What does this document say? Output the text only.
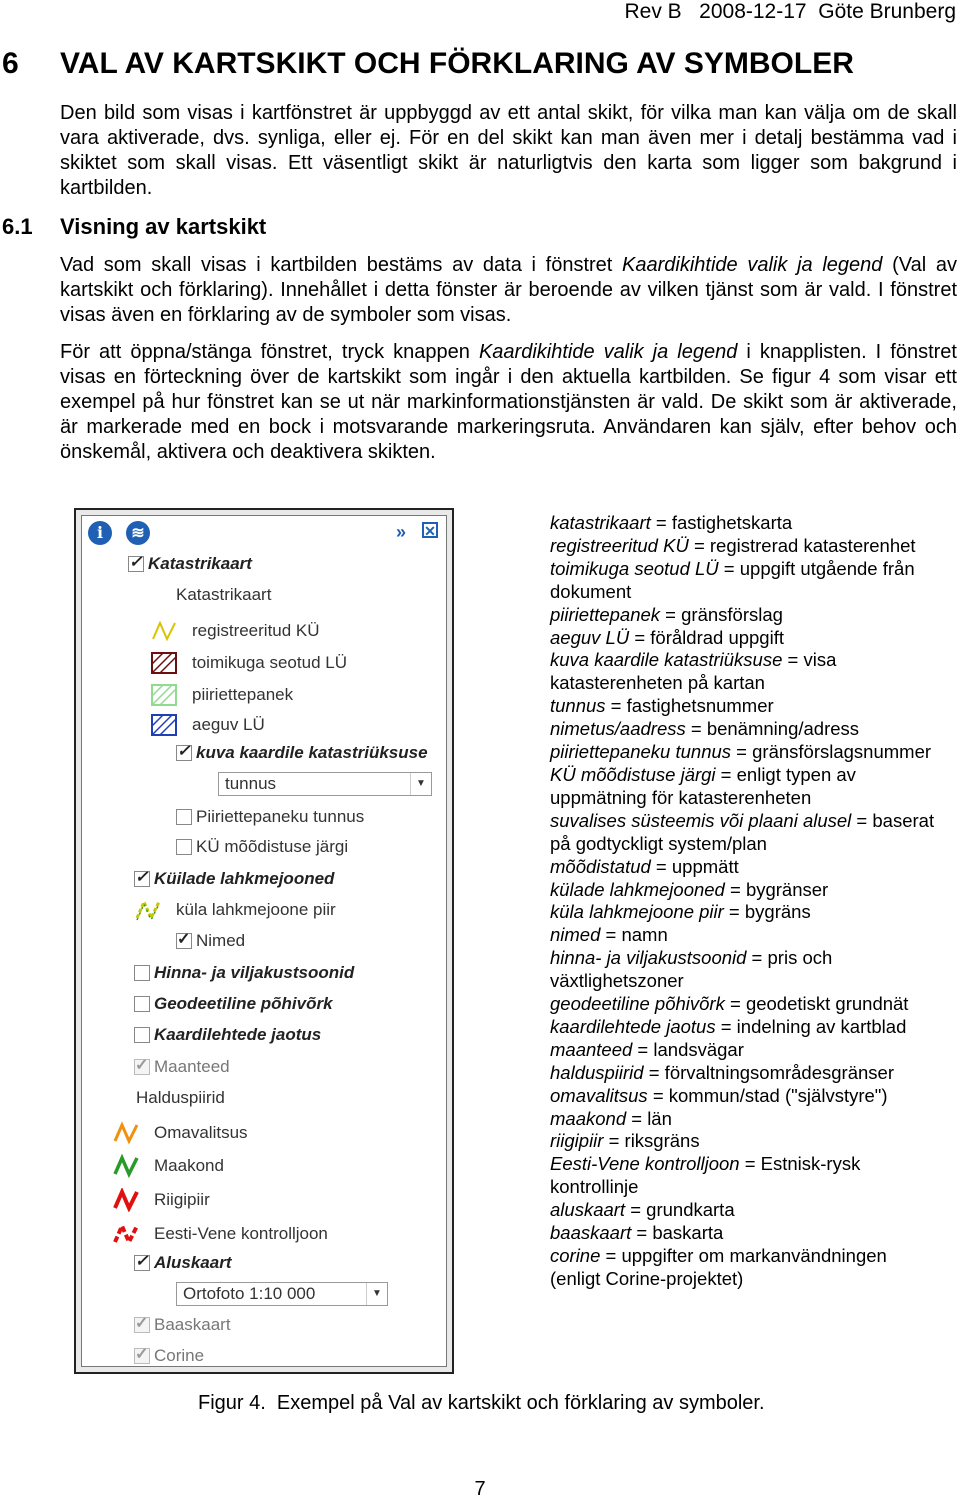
Rev B   2008-12-17  Göte Brunberg
6 VAL AV KARTSKIKT OCH FÖRKLARING AV SYMBOLER

Den bild som visas i kartfönstret är uppbyggd av ett antal skikt, för vilka man kan välja om de skall vara aktiverade, dvs. synliga, eller ej. För en del skikt kan man även mer i detalj bestämma vad i skiktet som skall visas. Ett väsentligt skikt är naturligtvis den karta som ligger som bakgrund i kartbilden.

6.1 Visning av kartskikt

Vad som skall visas i kartbilden bestäms av data i fönstret Kaardikihtide valik ja legend (Val av kartskikt och förklaring). Innehållet i detta fönster är beroende av vilken tjänst som är vald. I fönstret visas även en förklaring av de symboler som visas.

För att öppna/stänga fönstret, tryck knappen Kaardikihtide valik ja legend i knapplisten. I fönstret visas en förteckning över de kartskikt som ingår i den aktuella kartbilden. Se figur 4 som visar ett exempel på hur fönstret kan se ut när markinformationstjänsten är vald. De skikt som är aktiverade, är markerade med en bock i motsvarande markeringsruta. Användaren kan själv, efter behov och önskemål, aktivera och deaktivera skikten.

i	≋	» ✕
✓
Katastrikaart
Katastrikaart
registreeritud KÜ
toimikuga seotud LÜ
piiriettepanek
aeguv LÜ
✓
kuva kaardile katastriüksuse
tunnus	▼
Piiriettepaneku tunnus
KÜ mõõdistuse järgi
✓
Küilade lahkmejooned
küla lahkmejoone piir
✓
Nimed
Hinna- ja viljakustsoonid
Geodeetiline põhivõrk
Kaardilehtede jaotus
✓
Maanteed
Halduspiirid
Omavalitsus
Maakond
Riigipiir
Eesti-Vene kontrolljoon
✓
Aluskaart
Ortofoto 1:10 000	▼
✓
Baaskaart
✓
Corine

katastrikaart = fastighetskarta

registreeritud KÜ = registrerad katasterenhet

toimikuga seotud LÜ = uppgift utgående från dokument

piiriettepanek = gränsförslag

aeguv LÜ = föråldrad uppgift

kuva kaardile katastriüksuse = visa katasterenheten på kartan

tunnus = fastighetsnummer

nimetus/aadress = benämning/adress

piiriettepaneku tunnus = gränsförslagsnummer

KÜ mõõdistuse järgi = enligt typen av uppmätning för katasterenheten

suvalises süsteemis või plaani alusel = baserat på godtyckligt system/plan

mõõdistatud = uppmätt

külade lahkmejooned = bygränser

küla lahkmejoone piir = bygräns

nimed = namn

hinna- ja viljakustsoonid = pris och växtlighetszoner

geodeetiline põhivõrk = geodetiskt grundnät

kaardilehtede jaotus = indelning av kartblad

maanteed = landsvägar

halduspiirid = förvaltningsområdesgränser

omavalitsus = kommun/stad ("självstyre")

maakond = län

riigipiir = riksgräns

Eesti-Vene kontrolljoon = Estnisk-rysk kontrollinje

aluskaart = grundkarta

baaskaart = baskarta

corine = uppgifter om markanvändningen (enligt Corine-projektet)

Figur 4.  Exempel på Val av kartskikt och förklaring av symboler.
7
